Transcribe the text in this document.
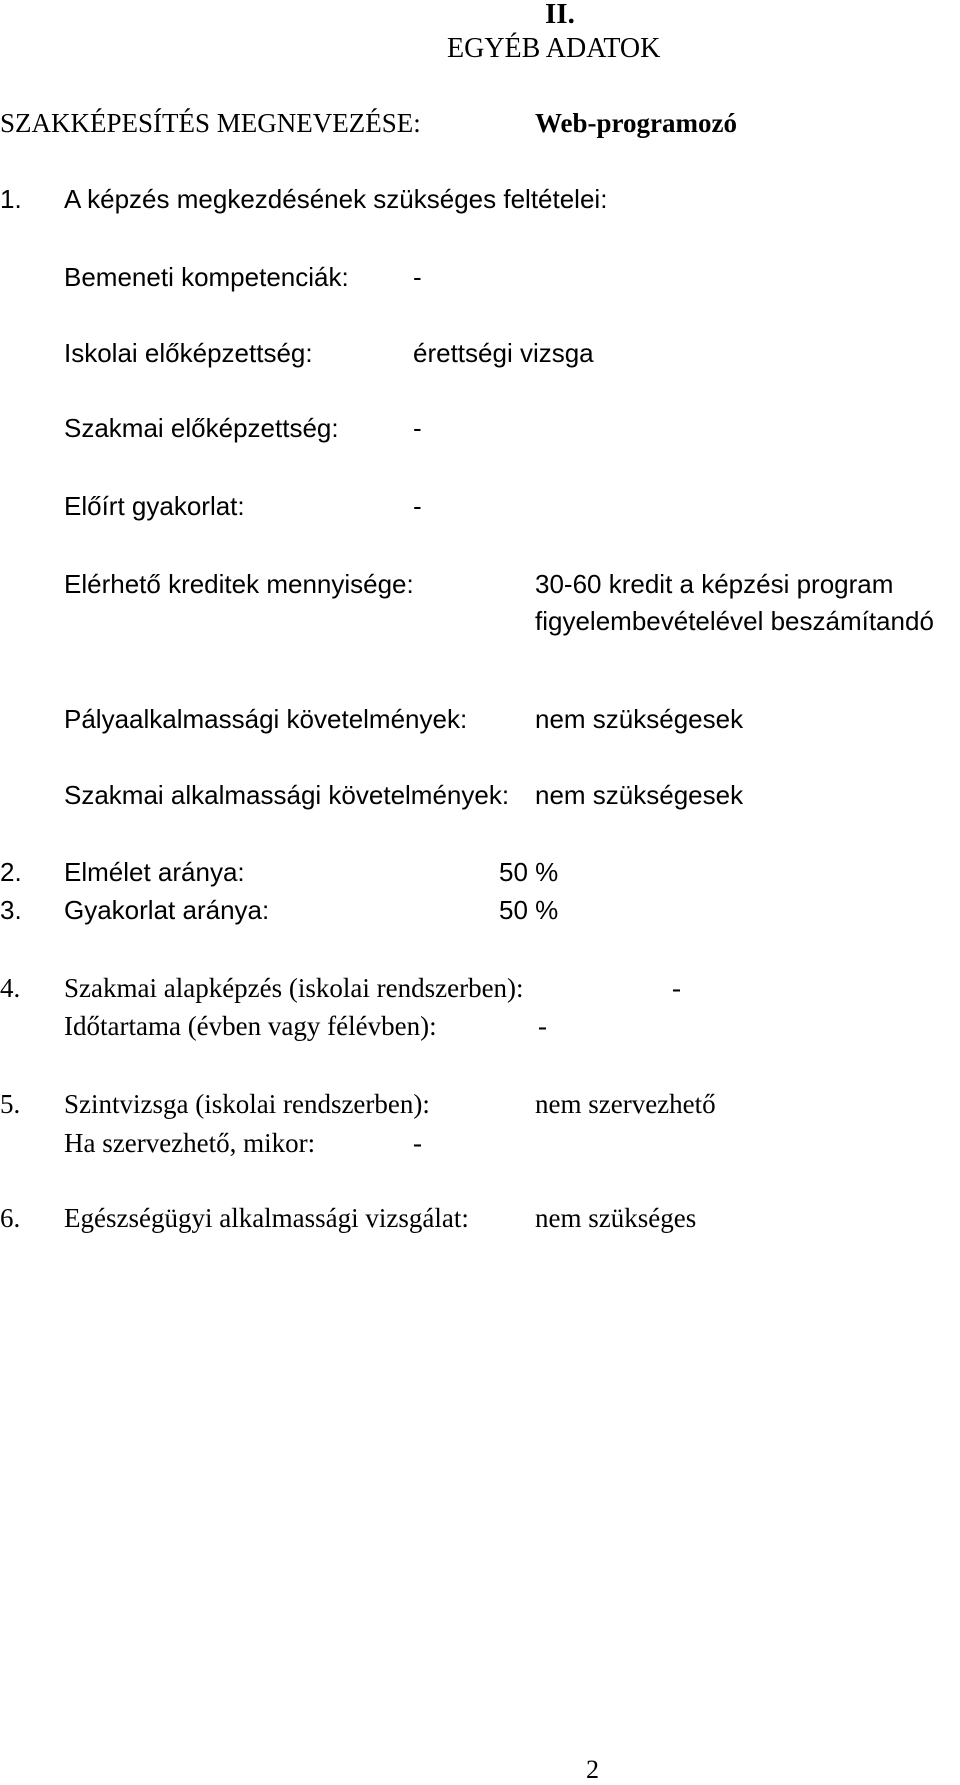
II.
EGYÉB ADATOK
SZAKKÉPESÍTÉS MEGNEVEZÉSE:	Web-programozó
1. A képzés megkezdésének szükséges feltételei:
Bemeneti kompetenciák: -
Iskolai előképzettség:	érettségi vizsga
Szakmai előképzettség:	-
Előírt gyakorlat:	-
Elérhető kreditek mennyisége:	30-60 kredit a képzési program
figyelembevételével beszámítandó
Pályaalkalmassági követelmények:	nem szükségesek
Szakmai alkalmassági követelmények: nem szükségesek
2. Elmélet aránya:	50 %
3. Gyakorlat aránya:	50 %
4. Szakmai alapképzés (iskolai rendszerben):	-
Időtartama (évben vagy félévben):	-
5. Szintvizsga (iskolai rendszerben):	nem szervezhető
Ha szervezhető, mikor:	-
6. Egészségügyi alkalmassági vizsgálat: nem szükséges
2
